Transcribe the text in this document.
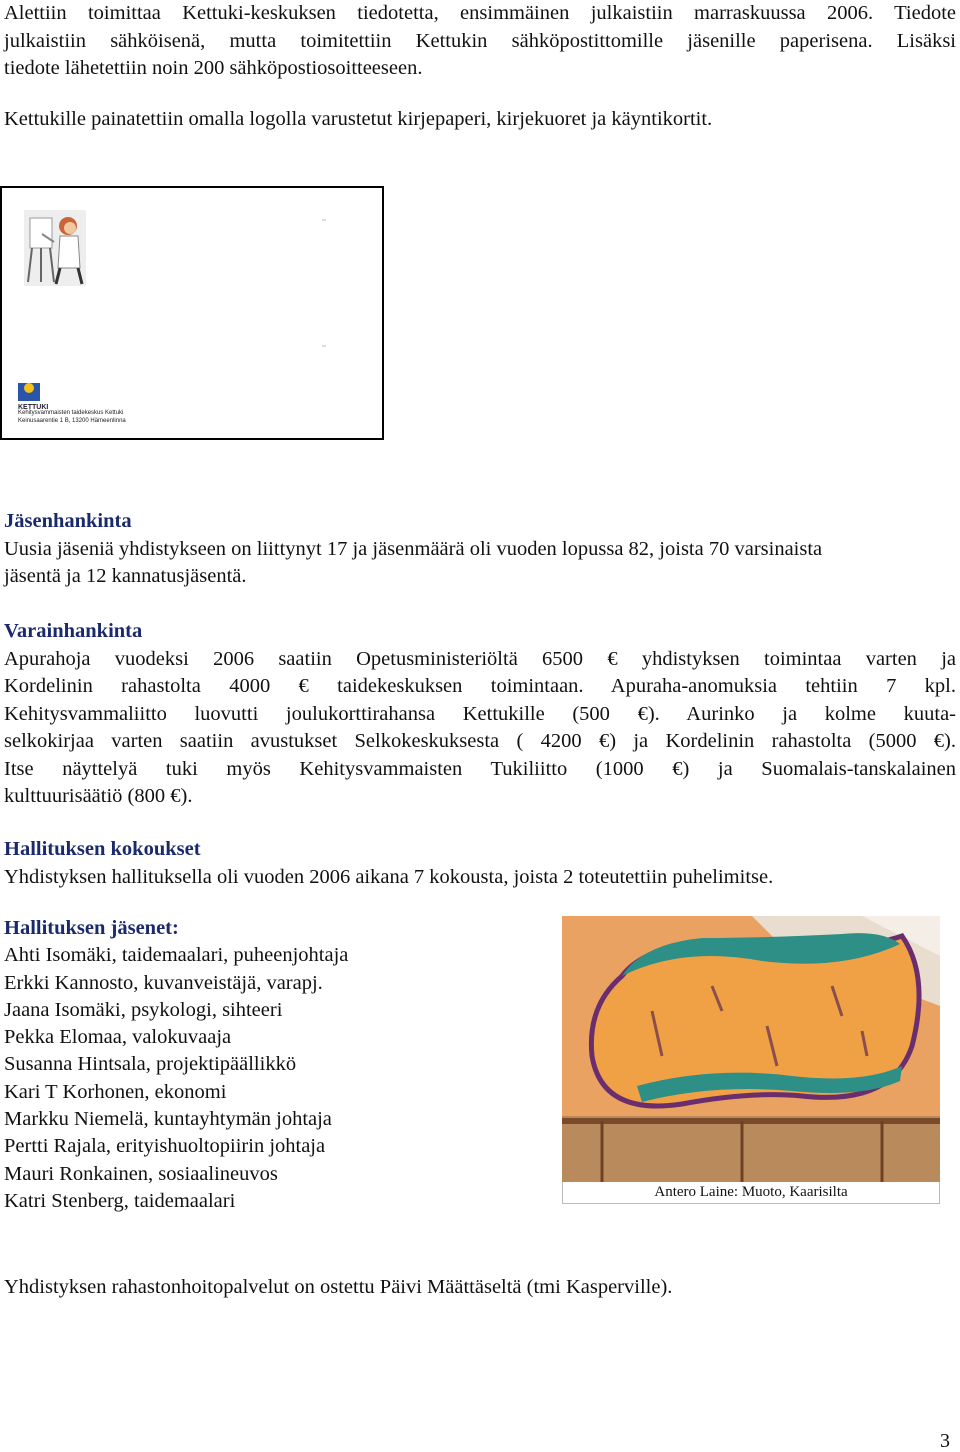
Alettiin toimittaa Kettuki-keskuksen tiedotetta, ensimmäinen julkaistiin marraskuussa 2006. Tiedote
julkaistiin sähköisenä, mutta toimitettiin Kettukin sähköpostittomille jäsenille paperisena. Lisäksi
tiedote lähetettiin noin 200 sähköpostiosoitteeseen.
Kettukille painatettiin omalla logolla varustetut kirjepaperi, kirjekuoret ja käyntikortit.
KETTUKI
Kehitysvammaisten taidekeskus Kettuki
Keinusaarentie 1 B, 13200 Hämeenlinna
Jäsenhankinta
Uusia jäseniä yhdistykseen on liittynyt 17 ja jäsenmäärä oli vuoden lopussa 82, joista 70 varsinaista
jäsentä ja 12 kannatusjäsentä.
Varainhankinta
Apurahoja vuodeksi 2006 saatiin Opetusministeriöltä 6500 € yhdistyksen toimintaa varten ja
Kordelinin rahastolta 4000 € taidekeskuksen toimintaan. Apuraha-anomuksia tehtiin 7 kpl.
Kehitysvammaliitto luovutti joulukorttirahansa Kettukille (500 €). Aurinko ja kolme kuuta-
selkokirjaa varten saatiin avustukset Selkokeskuksesta ( 4200 €) ja Kordelinin rahastolta (5000 €).
Itse näyttelyä tuki myös Kehitysvammaisten Tukiliitto (1000 €) ja Suomalais-tanskalainen
kulttuurisäätiö (800 €).
Hallituksen kokoukset
Yhdistyksen hallituksella oli vuoden 2006 aikana 7 kokousta, joista 2 toteutettiin puhelimitse.
Hallituksen jäsenet:
Ahti Isomäki, taidemaalari, puheenjohtaja
Erkki Kannosto, kuvanveistäjä, varapj.
Jaana Isomäki, psykologi, sihteeri
Pekka Elomaa, valokuvaaja
Susanna Hintsala, projektipäällikkö
Kari T Korhonen, ekonomi
Markku Niemelä, kuntayhtymän johtaja
Pertti Rajala, erityishuoltopiirin johtaja
Mauri Ronkainen, sosiaalineuvos
Katri Stenberg, taidemaalari	Antero Laine: Muoto, Kaarisilta
Yhdistyksen rahastonhoitopalvelut on ostettu Päivi Määttäseltä (tmi Kasperville).
3
